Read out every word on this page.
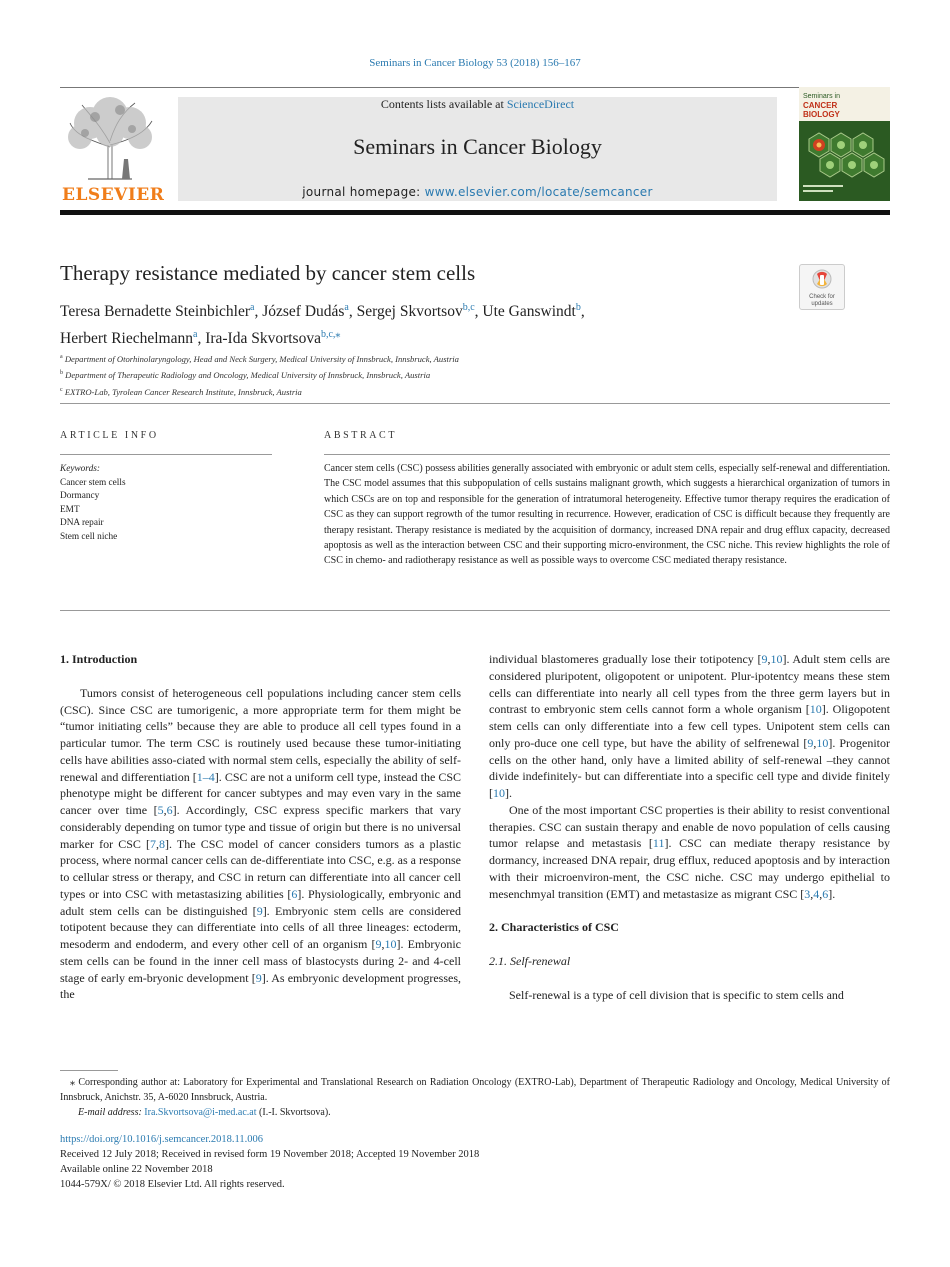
Seminars in Cancer Biology 53 (2018) 156–167
ELSEVIER
Contents lists available at ScienceDirect
Seminars in Cancer Biology
journal homepage: www.elsevier.com/locate/semcancer
Seminars in
CANCER
BIOLOGY
Therapy resistance mediated by cancer stem cells
Check for
updates
Teresa Bernadette Steinbichler$^a$, József Dudás$^a$, Sergej Skvortsov$^{b,c}$, Ute Ganswindt$^b$,
Herbert Riechelmann$^a$, Ira-Ida Skvortsova$^{b,c,⁎}$
$^a$ Department of Otorhinolaryngology, Head and Neck Surgery, Medical University of Innsbruck, Innsbruck, Austria
$^b$ Department of Therapeutic Radiology and Oncology, Medical University of Innsbruck, Innsbruck, Austria
$^c$ EXTRO-Lab, Tyrolean Cancer Research Institute, Innsbruck, Austria
ARTICLE INFO
Keywords:
Cancer stem cells
Dormancy
EMT
DNA repair
Stem cell niche
ABSTRACT
Cancer stem cells (CSC) possess abilities generally associated with embryonic or adult stem cells, especially self-renewal and differentiation. The CSC model assumes that this subpopulation of cells sustains malignant growth, which suggests a hierarchical organization of tumors in which CSCs are on top and responsible for the generation of intratumoral heterogeneity. Effective tumor therapy requires the eradication of CSC as they can support regrowth of the tumor resulting in recurrence. However, eradication of CSC is difficult because they frequently are therapy resistant. Therapy resistance is mediated by the acquisition of dormancy, increased DNA repair and drug efflux capacity, decreased apoptosis as well as the interaction between CSC and their supporting micro-environment, the CSC niche. This review highlights the role of CSC in chemo- and radiotherapy resistance as well as possible ways to overcome CSC mediated therapy resistance.
1. Introduction

Tumors consist of heterogeneous cell populations including cancer stem cells (CSC). Since CSC are tumorigenic, a more appropriate term for them might be “tumor initiating cells” because they are able to produce all cell types found in a particular tumor. The term CSC is routinely used because these tumor-initiating cells have abilities asso-ciated with normal stem cells, especially the ability of self-renewal and differentiation [1–4]. CSC are not a uniform cell type, instead the CSC phenotype might be different for cancer subtypes and may even vary in the same cancer over time [5,6]. Accordingly, CSC express specific markers that vary considerably depending on tumor type and tissue of origin but there is no universal marker for CSC [7,8]. The CSC model of cancer considers tumors as a plastic process, where normal cancer cells can de-differentiate into CSC, e.g. as a response to cellular stress or therapy, and CSC in return can differentiate into all cancer cell types or into CSC with metastasizing abilities [6]. Physiologically, embryonic and adult stem cells can be distinguished [9]. Embryonic stem cells are considered totipotent because they can differentiate into cells of all three lineages: ectoderm, mesoderm and endoderm, and every other cell of an organism [9,10]. Embryonic stem cells can be found in the inner cell mass of blastocysts during 2- and 4-cell stage of early em-bryonic development [9]. As embryonic development progresses, the

individual blastomeres gradually lose their totipotency [9,10]. Adult stem cells are considered pluripotent, oligopotent or unipotent. Plur-ipotentcy means these stem cells can differentiate into nearly all cell types from the three germ layers but in contrast to embryonic stem cells cannot form a whole organism [10]. Oligopotent stem cells can only differentiate into a few cell types. Unipotent stem cells can only pro-duce one cell type, but have the ability of selfrenewal [9,10]. Progenitor cells on the other hand, only have a limited ability of self-renewal –they cannot divide indefinitely- but can differentiate into a specific cell type and divide finitely [10].

One of the most important CSC properties is their ability to resist conventional therapies. CSC can sustain therapy and enable de novo population of cells causing tumor relapse and metastasis [11]. CSC can mediate therapy resistance by dormancy, increased DNA repair, drug efflux, reduced apoptosis and by interaction with their microenviron-ment, the CSC niche. CSC may undergo epithelial to mesenchmyal transition (EMT) and metastasize as migrant CSC [3,4,6].

2. Characteristics of CSC
2.1. Self-renewal

Self-renewal is a type of cell division that is specific to stem cells and

⁎ Corresponding author at: Laboratory for Experimental and Translational Research on Radiation Oncology (EXTRO-Lab), Department of Therapeutic Radiology and Oncology, Medical University of Innsbruck, Anichstr. 35, A-6020 Innsbruck, Austria.
E-mail address: Ira.Skvortsova@i-med.ac.at (I.-I. Skvortsova).
https://doi.org/10.1016/j.semcancer.2018.11.006
Received 12 July 2018; Received in revised form 19 November 2018; Accepted 19 November 2018
Available online 22 November 2018
1044-579X/ © 2018 Elsevier Ltd. All rights reserved.
